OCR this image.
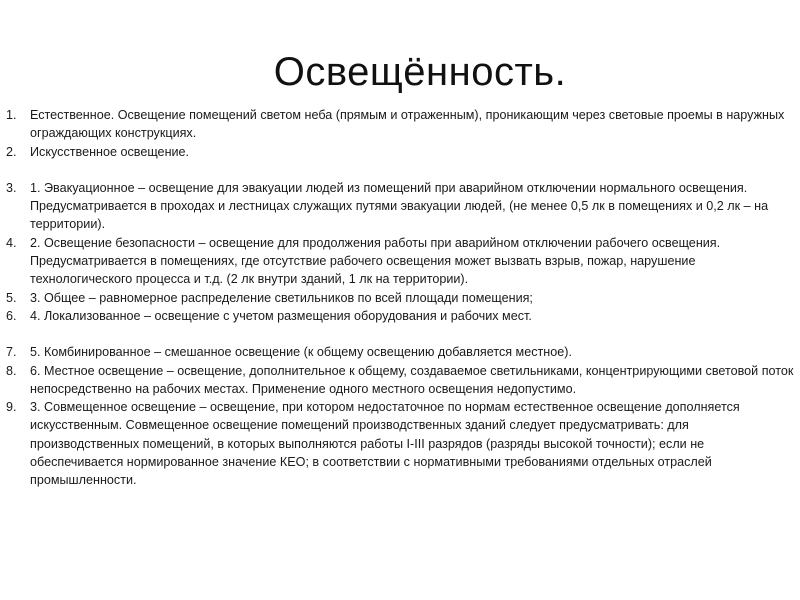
Освещённость.
1. Естественное. Освещение помещений светом неба (прямым и отраженным), проникающим через световые проемы в наружных ограждающих конструкциях.
2. Искусственное освещение.
3. 1. Эвакуационное – освещение для эвакуации людей из помещений при аварийном отключении нормального освещения. Предусматривается в проходах и лестницах служащих путями эвакуации людей, (не менее 0,5 лк в помещениях и 0,2 лк – на территории).
4. 2. Освещение безопасности – освещение для продолжения работы при аварийном отключении рабочего освещения. Предусматривается в помещениях, где отсутствие рабочего освещения может вызвать взрыв, пожар, нарушение технологического процесса и т.д. (2 лк внутри зданий, 1 лк на территории).
5. 3. Общее – равномерное распределение светильников по всей площади помещения;
6. 4. Локализованное – освещение с учетом размещения оборудования и рабочих мест.
7. 5. Комбинированное – смешанное освещение (к общему освещению добавляется местное).
8. 6. Местное освещение – освещение, дополнительное к общему, создаваемое светильниками, концентрирующими световой поток непосредственно на рабочих местах. Применение одного местного освещения недопустимо.
9. 3. Совмещенное освещение – освещение, при котором недостаточное по нормам естественное освещение дополняется искусственным. Совмещенное освещение помещений производственных зданий следует предусматривать: для производственных помещений, в которых выполняются работы I-III разрядов (разряды высокой точности); если не обеспечивается нормированное значение КЕО; в соответствии с нормативными требованиями отдельных отраслей промышленности.
